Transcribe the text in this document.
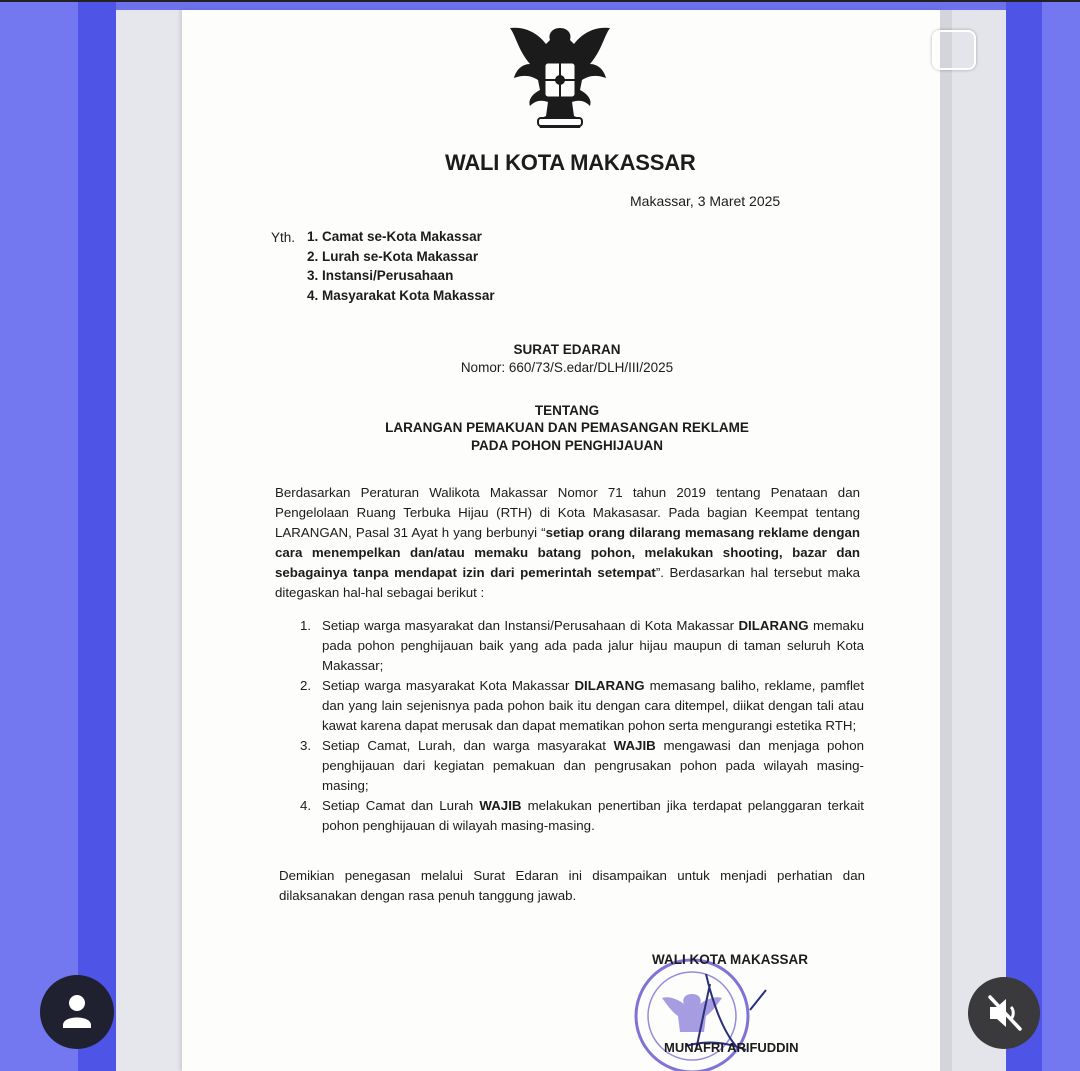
WALI KOTA MAKASSAR
Makassar, 3 Maret 2025
Yth. 1. Camat se-Kota Makassar
2. Lurah se-Kota Makassar
3. Instansi/Perusahaan
4. Masyarakat Kota Makassar
SURAT EDARAN
Nomor: 660/73/S.edar/DLH/III/2025
TENTANG
LARANGAN PEMAKUAN DAN PEMASANGAN REKLAME
PADA POHON PENGHIJAUAN
Berdasarkan Peraturan Walikota Makassar Nomor 71 tahun 2019 tentang Penataan dan Pengelolaan Ruang Terbuka Hijau (RTH) di Kota Makasasar. Pada bagian Keempat tentang LARANGAN, Pasal 31 Ayat h yang berbunyi “setiap orang dilarang memasang reklame dengan cara menempelkan dan/atau memaku batang pohon, melakukan shooting, bazar dan sebagainya tanpa mendapat izin dari pemerintah setempat”. Berdasarkan hal tersebut maka ditegaskan hal-hal sebagai berikut :
1. Setiap warga masyarakat dan Instansi/Perusahaan di Kota Makassar DILARANG memaku pada pohon penghijauan baik yang ada pada jalur hijau maupun di taman seluruh Kota Makassar;
2. Setiap warga masyarakat Kota Makassar DILARANG memasang baliho, reklame, pamflet dan yang lain sejenisnya pada pohon baik itu dengan cara ditempel, diikat dengan tali atau kawat karena dapat merusak dan dapat mematikan pohon serta mengurangi estetika RTH;
3. Setiap Camat, Lurah, dan warga masyarakat WAJIB mengawasi dan menjaga pohon penghijauan dari kegiatan pemakuan dan pengrusakan pohon pada wilayah masing-masing;
4. Setiap Camat dan Lurah WAJIB melakukan penertiban jika terdapat pelanggaran terkait pohon penghijauan di wilayah masing-masing.
Demikian penegasan melalui Surat Edaran ini disampaikan untuk menjadi perhatian dan dilaksanakan dengan rasa penuh tanggung jawab.
WALI KOTA MAKASSAR
MUNAFRI ARIFUDDIN
